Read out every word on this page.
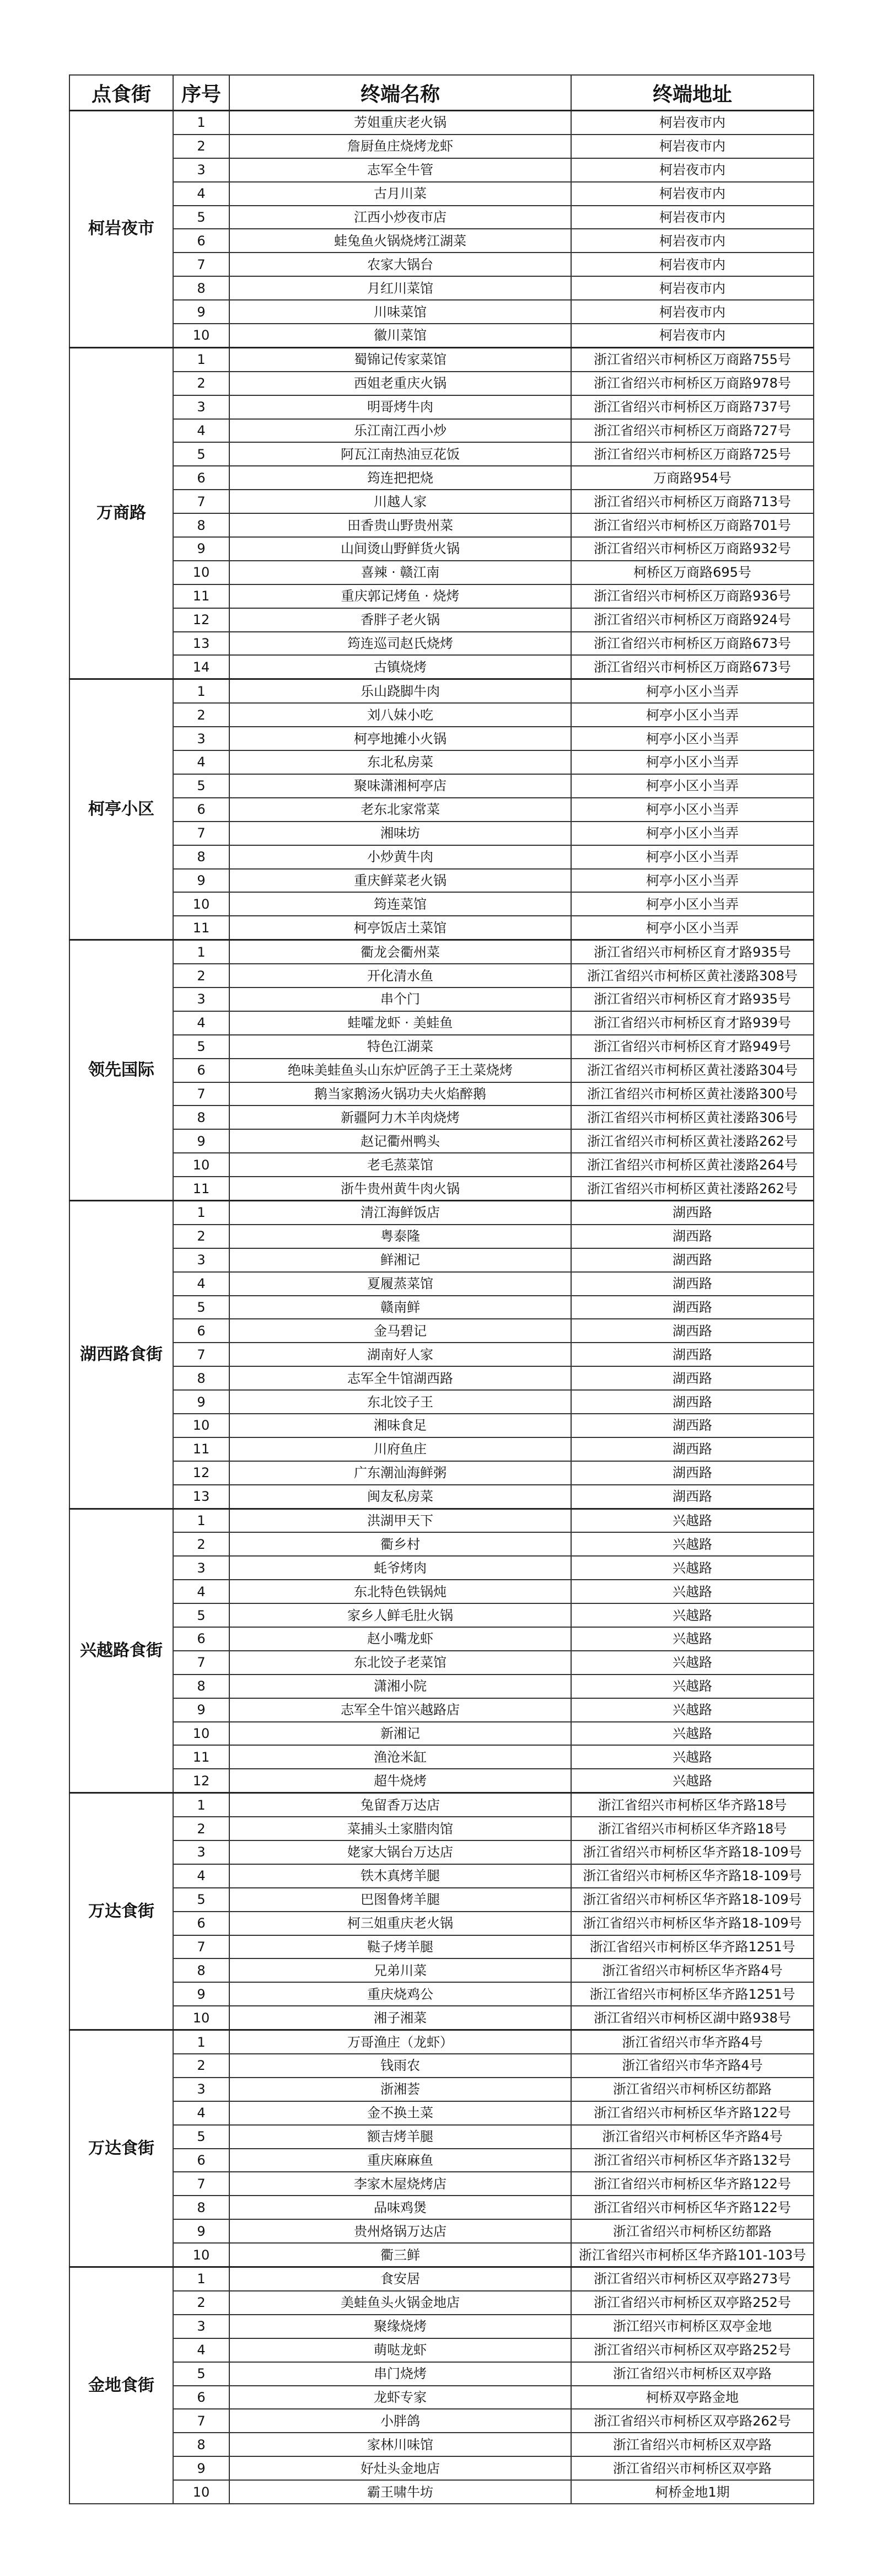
点食街	序号	终端名称	终端地址
柯岩夜市	1	芳姐重庆老火锅	柯岩夜市内
	2	詹厨鱼庄烧烤龙虾	柯岩夜市内
	3	志军全牛管	柯岩夜市内
	4	古月川菜	柯岩夜市内
	5	江西小炒夜市店	柯岩夜市内
	6	蛙兔鱼火锅烧烤江湖菜	柯岩夜市内
	7	农家大锅台	柯岩夜市内
	8	月红川菜馆	柯岩夜市内
	9	川味菜馆	柯岩夜市内
	10	徽川菜馆	柯岩夜市内
万商路	1	蜀锦记传家菜馆	浙江省绍兴市柯桥区万商路755号
	2	西姐老重庆火锅	浙江省绍兴市柯桥区万商路978号
	3	明哥烤牛肉	浙江省绍兴市柯桥区万商路737号
	4	乐江南江西小炒	浙江省绍兴市柯桥区万商路727号
	5	阿瓦江南热油豆花饭	浙江省绍兴市柯桥区万商路725号
	6	筠连把把烧	万商路954号
	7	川越人家	浙江省绍兴市柯桥区万商路713号
	8	田香贵山野贵州菜	浙江省绍兴市柯桥区万商路701号
	9	山间烫山野鲜货火锅	浙江省绍兴市柯桥区万商路932号
	10	喜辣 · 赣江南	柯桥区万商路695号
	11	重庆郭记烤鱼 · 烧烤	浙江省绍兴市柯桥区万商路936号
	12	香胖子老火锅	浙江省绍兴市柯桥区万商路924号
	13	筠连巡司赵氏烧烤	浙江省绍兴市柯桥区万商路673号
	14	古镇烧烤	浙江省绍兴市柯桥区万商路673号
柯亭小区	1	乐山跷脚牛肉	柯亭小区小当弄
	2	刘八妹小吃	柯亭小区小当弄
	3	柯亭地摊小火锅	柯亭小区小当弄
	4	东北私房菜	柯亭小区小当弄
	5	聚味潇湘柯亭店	柯亭小区小当弄
	6	老东北家常菜	柯亭小区小当弄
	7	湘味坊	柯亭小区小当弄
	8	小炒黄牛肉	柯亭小区小当弄
	9	重庆鲜菜老火锅	柯亭小区小当弄
	10	筠连菜馆	柯亭小区小当弄
	11	柯亭饭店土菜馆	柯亭小区小当弄
领先国际	1	衢龙会衢州菜	浙江省绍兴市柯桥区育才路935号
	2	开化清水鱼	浙江省绍兴市柯桥区黄社溇路308号
	3	串个门	浙江省绍兴市柯桥区育才路935号
	4	蛙嚯龙虾 · 美蛙鱼	浙江省绍兴市柯桥区育才路939号
	5	特色江湖菜	浙江省绍兴市柯桥区育才路949号
	6	绝味美蛙鱼头山东炉匠鸽子王土菜烧烤	浙江省绍兴市柯桥区黄社溇路304号
	7	鹅当家鹅汤火锅功夫火焰醉鹅	浙江省绍兴市柯桥区黄社溇路300号
	8	新疆阿力木羊肉烧烤	浙江省绍兴市柯桥区黄社溇路306号
	9	赵记衢州鸭头	浙江省绍兴市柯桥区黄社溇路262号
	10	老毛蒸菜馆	浙江省绍兴市柯桥区黄社溇路264号
	11	浙牛贵州黄牛肉火锅	浙江省绍兴市柯桥区黄社溇路262号
湖西路食街	1	清江海鲜饭店	湖西路
	2	粤泰隆	湖西路
	3	鲜湘记	湖西路
	4	夏履蒸菜馆	湖西路
	5	赣南鲜	湖西路
	6	金马碧记	湖西路
	7	湖南好人家	湖西路
	8	志军全牛馆湖西路	湖西路
	9	东北饺子王	湖西路
	10	湘味食足	湖西路
	11	川府鱼庄	湖西路
	12	广东潮汕海鲜粥	湖西路
	13	闽友私房菜	湖西路
兴越路食街	1	洪湖甲天下	兴越路
	2	衢乡村	兴越路
	3	蚝爷烤肉	兴越路
	4	东北特色铁锅炖	兴越路
	5	家乡人鲜毛肚火锅	兴越路
	6	赵小嘴龙虾	兴越路
	7	东北饺子老菜馆	兴越路
	8	潇湘小院	兴越路
	9	志军全牛馆兴越路店	兴越路
	10	新湘记	兴越路
	11	渔沧米缸	兴越路
	12	超牛烧烤	兴越路
万达食街	1	兔留香万达店	浙江省绍兴市柯桥区华齐路18号
	2	菜捕头土家腊肉馆	浙江省绍兴市柯桥区华齐路18号
	3	姥家大锅台万达店	浙江省绍兴市柯桥区华齐路18-109号
	4	铁木真烤羊腿	浙江省绍兴市柯桥区华齐路18-109号
	5	巴图鲁烤羊腿	浙江省绍兴市柯桥区华齐路18-109号
	6	柯三姐重庆老火锅	浙江省绍兴市柯桥区华齐路18-109号
	7	鞑子烤羊腿	浙江省绍兴市柯桥区华齐路1251号
	8	兄弟川菜	浙江省绍兴市柯桥区华齐路4号
	9	重庆烧鸡公	浙江省绍兴市柯桥区华齐路1251号
	10	湘子湘菜	浙江省绍兴市柯桥区湖中路938号
万达食街	1	万哥渔庄（龙虾）	浙江省绍兴市华齐路4号
	2	钱雨农	浙江省绍兴市华齐路4号
	3	浙湘荟	浙江省绍兴市柯桥区纺都路
	4	金不换土菜	浙江省绍兴市柯桥区华齐路122号
	5	额吉烤羊腿	浙江省绍兴市柯桥区华齐路4号
	6	重庆麻麻鱼	浙江省绍兴市柯桥区华齐路132号
	7	李家木屋烧烤店	浙江省绍兴市柯桥区华齐路122号
	8	品味鸡煲	浙江省绍兴市柯桥区华齐路122号
	9	贵州烙锅万达店	浙江省绍兴市柯桥区纺都路
	10	衢三鲜	浙江省绍兴市柯桥区华齐路101-103号
金地食街	1	食安居	浙江省绍兴市柯桥区双亭路273号
	2	美蛙鱼头火锅金地店	浙江省绍兴市柯桥区双亭路252号
	3	聚缘烧烤	浙江绍兴市柯桥区双亭金地
	4	萌哒龙虾	浙江省绍兴市柯桥区双亭路252号
	5	串门烧烤	浙江省绍兴市柯桥区双亭路
	6	龙虾专家	柯桥双亭路金地
	7	小胖鸽	浙江省绍兴市柯桥区双亭路262号
	8	家林川味馆	浙江省绍兴市柯桥区双亭路
	9	好灶头金地店	浙江省绍兴市柯桥区双亭路
	10	霸王啸牛坊	柯桥金地1期
